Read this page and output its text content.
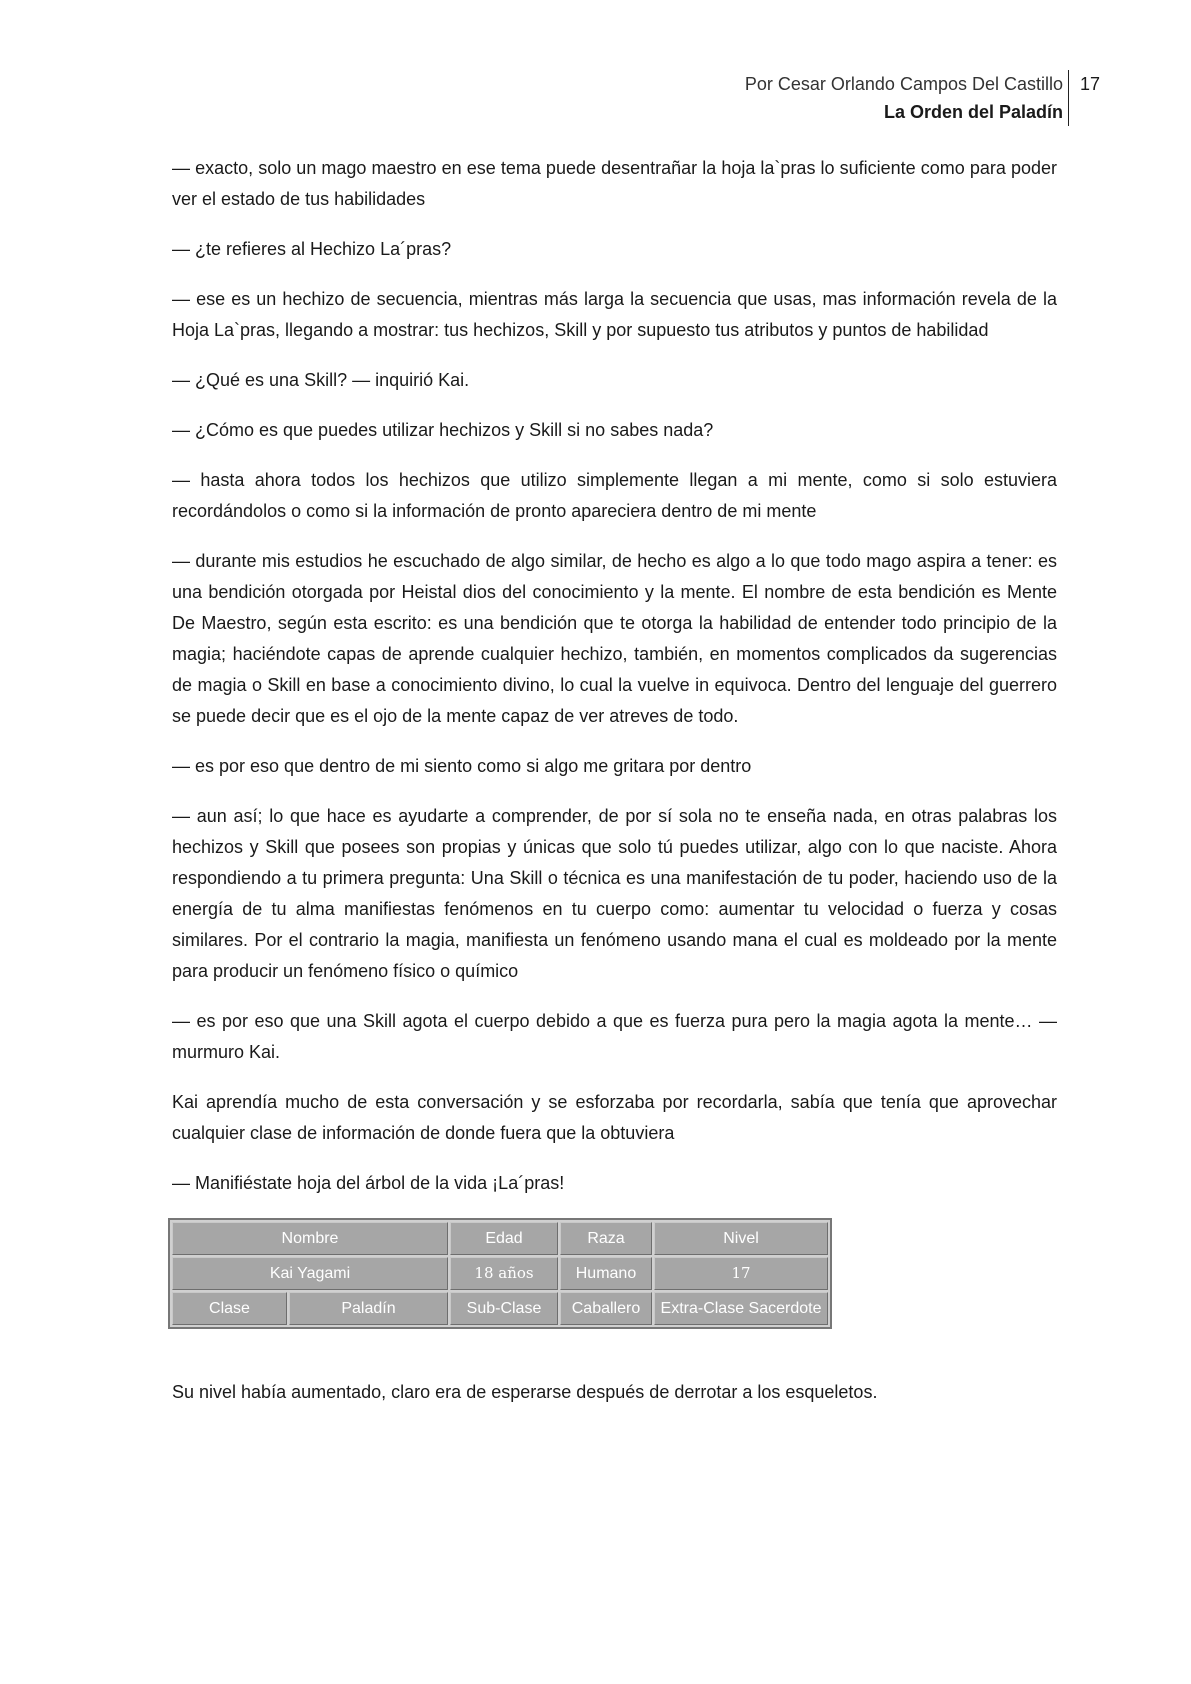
Por Cesar Orlando Campos Del Castillo
La Orden del Paladín
17

— exacto, solo un mago maestro en ese tema puede desentrañar la hoja la`pras lo suficiente como para poder ver el estado de tus habilidades

— ¿te refieres al Hechizo La´pras?

— ese es un hechizo de secuencia, mientras más larga la secuencia que usas, mas información revela de la Hoja La`pras, llegando a mostrar: tus hechizos, Skill y por supuesto tus atributos y puntos de habilidad

— ¿Qué es una Skill? — inquirió Kai.

— ¿Cómo es que puedes utilizar hechizos y Skill si no sabes nada?

— hasta ahora todos los hechizos que utilizo simplemente llegan a mi mente, como si solo estuviera recordándolos o como si la información de pronto apareciera dentro de mi mente

— durante mis estudios he escuchado de algo similar, de hecho es algo a lo que todo mago aspira a tener: es una bendición otorgada por Heistal dios del conocimiento y la mente. El nombre de esta bendición es Mente De Maestro, según esta escrito: es una bendición que te otorga la habilidad de entender todo principio de la magia; haciéndote capas de aprende cualquier hechizo, también, en momentos complicados da sugerencias de magia o Skill en base a conocimiento divino, lo cual la vuelve in equivoca. Dentro del lenguaje del guerrero se puede decir que es el ojo de la mente capaz de ver atreves de todo.

— es por eso que dentro de mi siento como si algo me gritara por dentro

— aun así; lo que hace es ayudarte a comprender, de por sí sola no te enseña nada, en otras palabras los hechizos y Skill que posees son propias y únicas que solo tú puedes utilizar, algo con lo que naciste. Ahora respondiendo a tu primera pregunta: Una Skill o técnica es una manifestación de tu poder, haciendo uso de la energía de tu alma manifiestas fenómenos en tu cuerpo como: aumentar tu velocidad o fuerza y cosas similares. Por el contrario la magia, manifiesta un fenómeno usando mana el cual es moldeado por la mente para producir un fenómeno físico o químico

— es por eso que una Skill agota el cuerpo debido a que es fuerza pura pero la magia agota la mente… — murmuro Kai.

Kai aprendía mucho de esta conversación y se esforzaba por recordarla, sabía que tenía que aprovechar cualquier clase de información de donde fuera que la obtuviera

— Manifiéstate hoja del árbol de la vida ¡La´pras!

Nombre		Edad	Raza	Nivel
Kai Yagami		18 años	Humano	17
Clase	Paladín	Sub-Clase	Caballero	Extra-Clase Sacerdote

Su nivel había aumentado, claro era de esperarse después de derrotar a los esqueletos.
